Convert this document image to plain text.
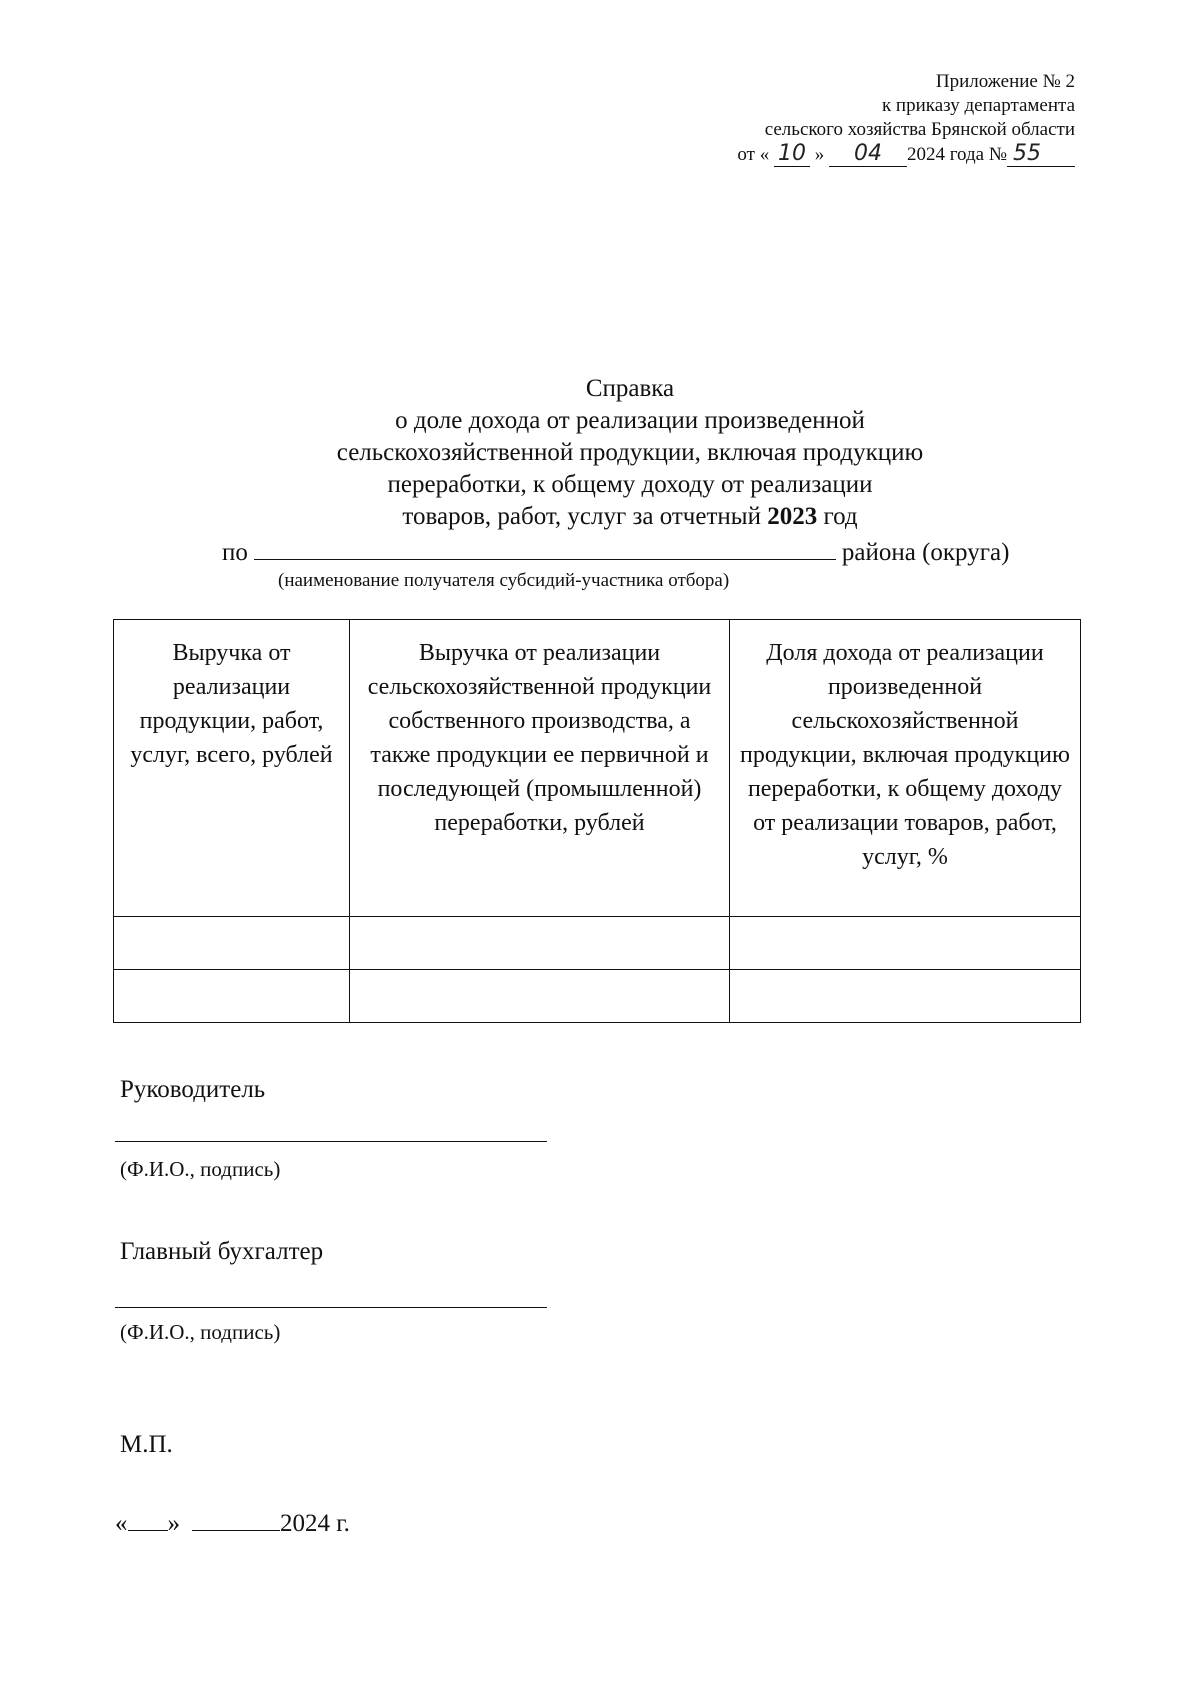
Приложение № 2
к приказу департамента
сельского хозяйства Брянской области
от « 10 » 04 2024 года № 55
Справка
о доле дохода от реализации произведенной
сельскохозяйственной продукции, включая продукцию
переработки, к общему доходу от реализации
товаров, работ, услуг за отчетный 2023 год
по	района (округа)
(наименование получателя субсидий-участника отбора)
Выручка от реализации продукции, работ, услуг, всего, рублей	Выручка от реализации сельскохозяйственной продукции собственного производства, а также продукции ее первичной и последующей (промышленной) переработки, рублей	Доля дохода от реализации произведенной сельскохозяйственной продукции, включая продукцию переработки, к общему доходу от реализации товаров, работ, услуг, %

Руководитель
(Ф.И.О., подпись)
Главный бухгалтер
(Ф.И.О., подпись)
М.П.
« »	2024 г.
